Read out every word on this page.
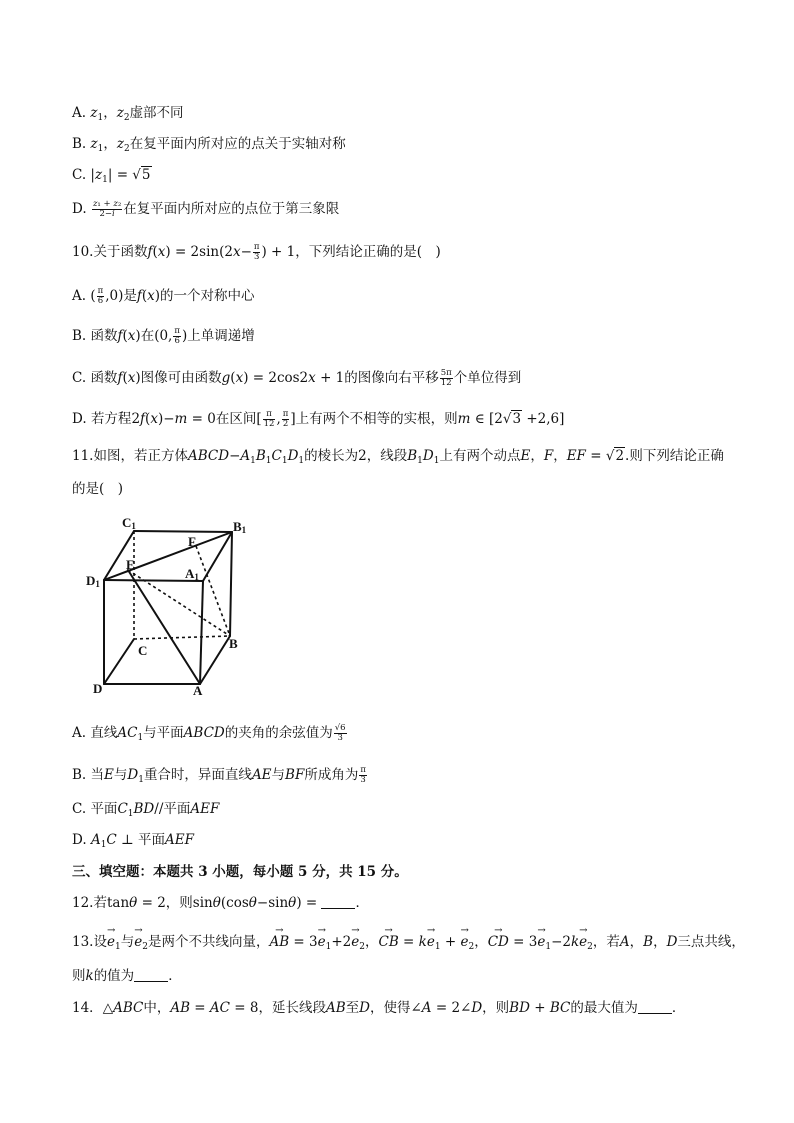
A. $z_1$，$z_2$虚部不同
B. $z_1$，$z_2$在复平面内所对应的点关于实轴对称
C. $|z_1| = √5$
D. $\frac{\text{z₁ + z₂}}{2-i}$ 在复平面内所对应的点位于第三象限
10.关于函数$f(x) = 2\sin(2x- \frac{\pi}{3}$ ) + 1，下列结论正确的是(　)
A. ( $\frac{\pi}{6} ,0$)是f(x)的一个对称中心
B. 函数f(x)在(0, $\frac{\pi}{6}$ )上单调递增
C. 函数f(x)图像可由函数g(x) = 2cos2x + 1的图像向右平移 $\frac{5\pi}{12}$ 个单位得到
D. 若方程2f(x)−m = 0在区间[ $\frac{\pi}{12}$ , $\frac{\pi}{2}$ ]上有两个不相等的实根，则m ∈ [2√3 +2,6]
11.如图，若正方体$ABCD-A_1B_1C_1D_1$的棱长为2，线段$B_1D_1$上有两个动点E，F，EF = √2.则下列结论正确
的是(　)
C1	B1
F
E
D1
A1
C	B
D	A
A. 直线$AC_1$与平面ABCD的夹角的余弦值为 $\frac{√6}{3}$
B. 当E与$D_1$重合时，异面直线AE与BF所成角为 $\frac{\pi}{3}$
C. 平面$C_1BD//$平面AEF
D. $A_1C$ ⊥ 平面AEF
三、填空题：本题共 3 小题，每小题 5 分，共 15 分。
12.若tanθ = 2，则sinθ(cosθ−sinθ) =	．
13.设→ $e_1$与→ $e_2$是两个不共线向量，→ AB = $3\to e_1+2\to e_2$，→ CB = $k\to e_1$ + → $e_2$，→ CD = $3\to e_1-2k\to e_2$，若A，B，D三点共线，
则k的值为	．
14．△ABC中，AB = AC = 8，延长线段AB至D，使得∠A = 2∠D，则BD + BC的最大值为	．
